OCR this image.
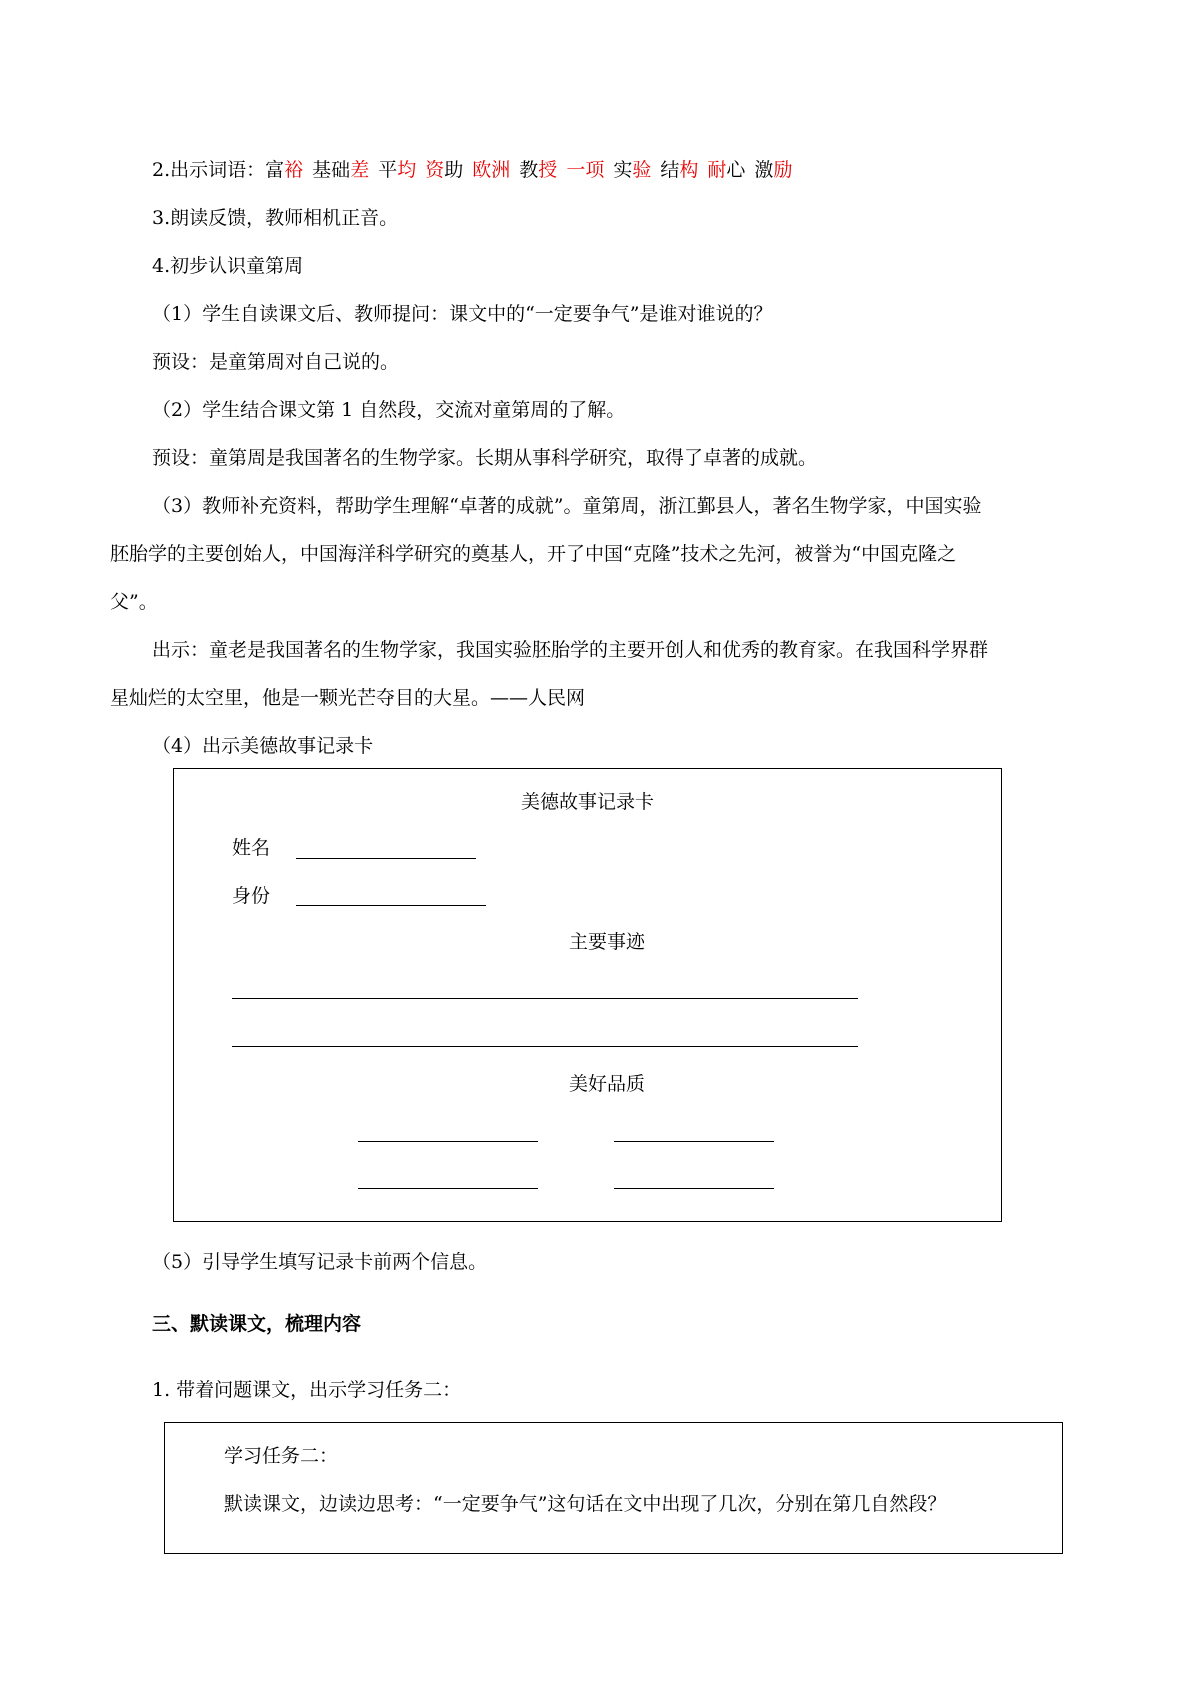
2.出示词语：富裕 基础差 平均 资助 欧洲 教授 一项 实验 结构 耐心 激励
3.朗读反馈，教师相机正音。
4.初步认识童第周
（1）学生自读课文后、教师提问：课文中的“一定要争气”是谁对谁说的？
预设：是童第周对自己说的。
（2）学生结合课文第 1 自然段，交流对童第周的了解。
预设：童第周是我国著名的生物学家。长期从事科学研究，取得了卓著的成就。
（3）教师补充资料，帮助学生理解“卓著的成就”。童第周，浙江鄞县人，著名生物学家，中国实验
胚胎学的主要创始人，中国海洋科学研究的奠基人，开了中国“克隆”技术之先河，被誉为“中国克隆之
父”。
出示：童老是我国著名的生物学家，我国实验胚胎学的主要开创人和优秀的教育家。在我国科学界群
星灿烂的太空里，他是一颗光芒夺目的大星。——人民网
（4）出示美德故事记录卡
美德故事记录卡
姓名
身份
主要事迹
美好品质
（5）引导学生填写记录卡前两个信息。
三、默读课文，梳理内容
1. 带着问题课文，出示学习任务二：
学习任务二：
默读课文，边读边思考：“一定要争气”这句话在文中出现了几次，分别在第几自然段？
